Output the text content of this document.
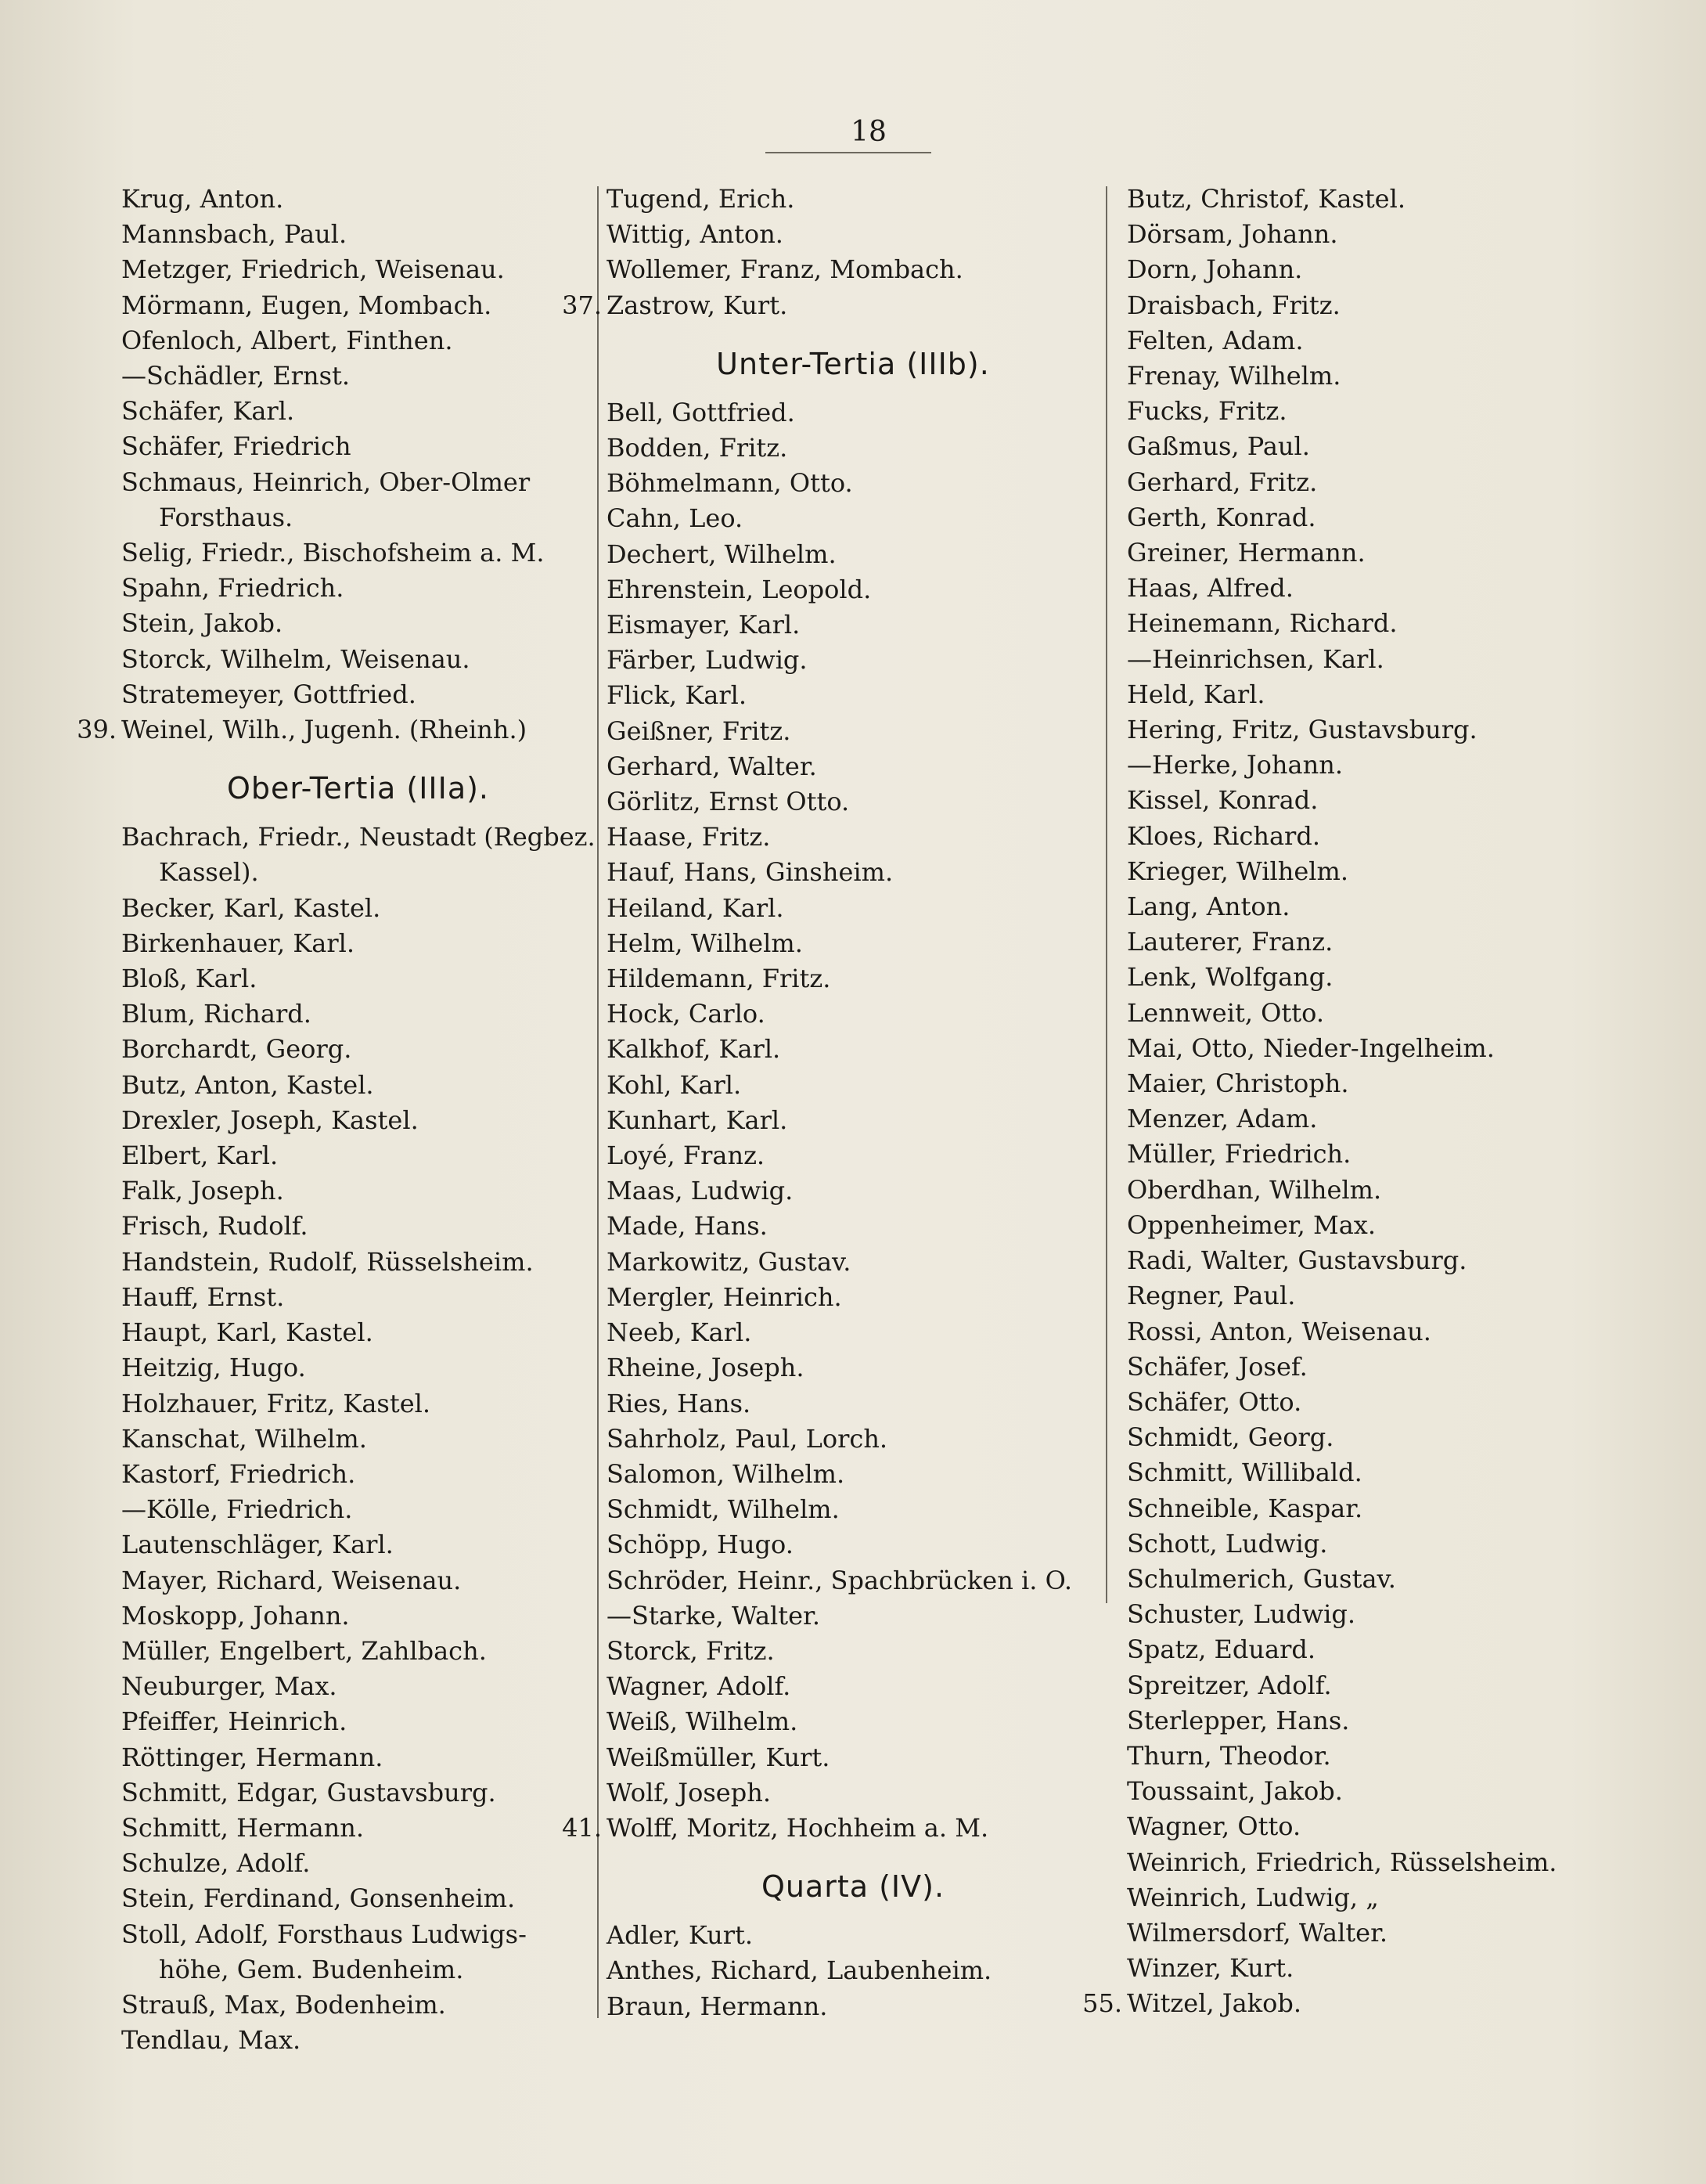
18
Krug, Anton.
Mannsbach, Paul.
Metzger, Friedrich, Weisenau.
Mörmann, Eugen, Mombach.
Ofenloch, Albert, Finthen.
—Schädler, Ernst.
Schäfer, Karl.
Schäfer, Friedrich
Schmaus, Heinrich, Ober-Olmer
Forsthaus.
Selig, Friedr., Bischofsheim a. M.
Spahn, Friedrich.
Stein, Jakob.
Storck, Wilhelm, Weisenau.
Stratemeyer, Gottfried.
39. Weinel, Wilh., Jugenh. (Rheinh.)
Ober-Tertia (IIIa).
Bachrach, Friedr., Neustadt (Regbez.
Kassel).
Becker, Karl, Kastel.
Birkenhauer, Karl.
Bloß, Karl.
Blum, Richard.
Borchardt, Georg.
Butz, Anton, Kastel.
Drexler, Joseph, Kastel.
Elbert, Karl.
Falk, Joseph.
Frisch, Rudolf.
Handstein, Rudolf, Rüsselsheim.
Hauff, Ernst.
Haupt, Karl, Kastel.
Heitzig, Hugo.
Holzhauer, Fritz, Kastel.
Kanschat, Wilhelm.
Kastorf, Friedrich.
—Kölle, Friedrich.
Lautenschläger, Karl.
Mayer, Richard, Weisenau.
Moskopp, Johann.
Müller, Engelbert, Zahlbach.
Neuburger, Max.
Pfeiffer, Heinrich.
Röttinger, Hermann.
Schmitt, Edgar, Gustavsburg.
Schmitt, Hermann.
Schulze, Adolf.
Stein, Ferdinand, Gonsenheim.
Stoll, Adolf, Forsthaus Ludwigs-
höhe, Gem. Budenheim.
Strauß, Max, Bodenheim.
Tendlau, Max.
Tugend, Erich.
Wittig, Anton.
Wollemer, Franz, Mombach.
37. Zastrow, Kurt.
Unter-Tertia (IIIb).
Bell, Gottfried.
Bodden, Fritz.
Böhmelmann, Otto.
Cahn, Leo.
Dechert, Wilhelm.
Ehrenstein, Leopold.
Eismayer, Karl.
Färber, Ludwig.
Flick, Karl.
Geißner, Fritz.
Gerhard, Walter.
Görlitz, Ernst Otto.
Haase, Fritz.
Hauf, Hans, Ginsheim.
Heiland, Karl.
Helm, Wilhelm.
Hildemann, Fritz.
Hock, Carlo.
Kalkhof, Karl.
Kohl, Karl.
Kunhart, Karl.
Loyé, Franz.
Maas, Ludwig.
Made, Hans.
Markowitz, Gustav.
Mergler, Heinrich.
Neeb, Karl.
Rheine, Joseph.
Ries, Hans.
Sahrholz, Paul, Lorch.
Salomon, Wilhelm.
Schmidt, Wilhelm.
Schöpp, Hugo.
Schröder, Heinr., Spachbrücken i. O.
—Starke, Walter.
Storck, Fritz.
Wagner, Adolf.
Weiß, Wilhelm.
Weißmüller, Kurt.
Wolf, Joseph.
41. Wolff, Moritz, Hochheim a. M.
Quarta (IV).
Adler, Kurt.
Anthes, Richard, Laubenheim.
Braun, Hermann.
Butz, Christof, Kastel.
Dörsam, Johann.
Dorn, Johann.
Draisbach, Fritz.
Felten, Adam.
Frenay, Wilhelm.
Fucks, Fritz.
Gaßmus, Paul.
Gerhard, Fritz.
Gerth, Konrad.
Greiner, Hermann.
Haas, Alfred.
Heinemann, Richard.
—Heinrichsen, Karl.
Held, Karl.
Hering, Fritz, Gustavsburg.
—Herke, Johann.
Kissel, Konrad.
Kloes, Richard.
Krieger, Wilhelm.
Lang, Anton.
Lauterer, Franz.
Lenk, Wolfgang.
Lennweit, Otto.
Mai, Otto, Nieder-Ingelheim.
Maier, Christoph.
Menzer, Adam.
Müller, Friedrich.
Oberdhan, Wilhelm.
Oppenheimer, Max.
Radi, Walter, Gustavsburg.
Regner, Paul.
Rossi, Anton, Weisenau.
Schäfer, Josef.
Schäfer, Otto.
Schmidt, Georg.
Schmitt, Willibald.
Schneible, Kaspar.
Schott, Ludwig.
Schulmerich, Gustav.
Schuster, Ludwig.
Spatz, Eduard.
Spreitzer, Adolf.
Sterlepper, Hans.
Thurn, Theodor.
Toussaint, Jakob.
Wagner, Otto.
Weinrich, Friedrich, Rüsselsheim.
Weinrich, Ludwig, „
Wilmersdorf, Walter.
Winzer, Kurt.
55. Witzel, Jakob.
